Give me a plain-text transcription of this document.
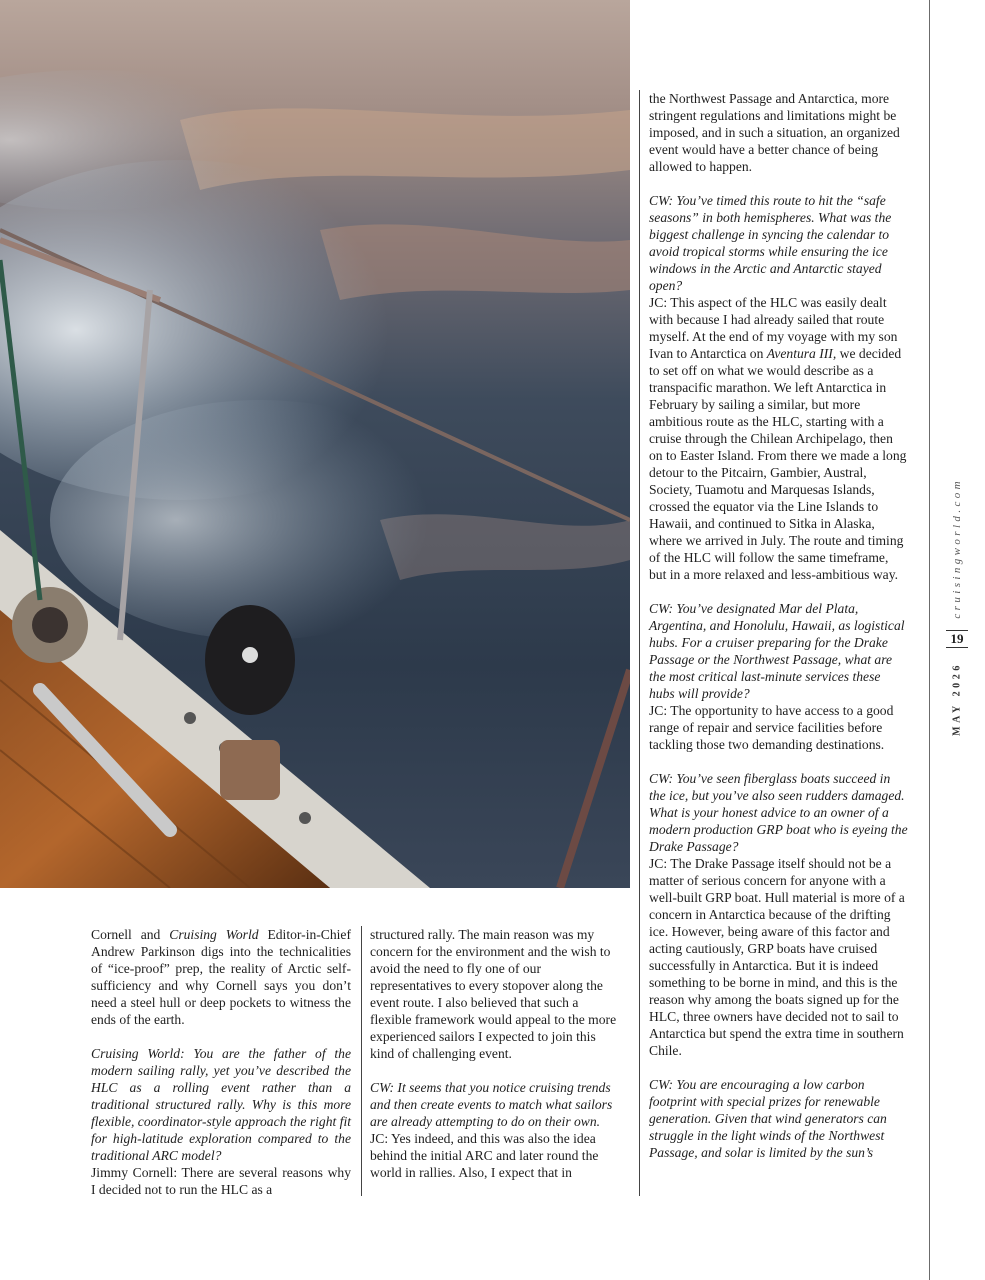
Cornell and Cruising World Editor-in-Chief Andrew Parkinson digs into the technicalities of “ice-proof” prep, the reality of Arctic self-sufficiency and why Cornell says you don’t need a steel hull or deep pockets to witness the ends of the earth.

Cruising World: You are the father of the modern sailing rally, yet you’ve described the HLC as a rolling event rather than a traditional structured rally. Why is this more flexible, coordinator-style approach the right fit for high-latitude exploration compared to the traditional ARC model?
Jimmy Cornell: There are several reasons why I decided not to run the HLC as a

structured rally. The main reason was my concern for the environment and the wish to avoid the need to fly one of our representatives to every stopover along the event route. I also believed that such a flexible framework would appeal to the more experienced sailors I expected to join this kind of challenging event.

CW: It seems that you notice cruising trends and then create events to match what sailors are already attempting to do on their own.
JC: Yes indeed, and this was also the idea behind the initial ARC and later round the world in rallies. Also, I expect that in

the Northwest Passage and Antarctica, more stringent regulations and limitations might be imposed, and in such a situation, an organized event would have a better chance of being allowed to happen.

CW: You’ve timed this route to hit the “safe seasons” in both hemispheres. What was the biggest challenge in syncing the calendar to avoid tropical storms while ensuring the ice windows in the Arctic and Antarctic stayed open?
JC: This aspect of the HLC was easily dealt with because I had already sailed that route myself. At the end of my voyage with my son Ivan to Antarctica on Aventura III, we decided to set off on what we would describe as a transpacific marathon. We left Antarctica in February by sailing a similar, but more ambitious route as the HLC, starting with a cruise through the Chilean Archipelago, then on to Easter Island. From there we made a long detour to the Pitcairn, Gambier, Austral, Society, Tuamotu and Marquesas Islands, crossed the equator via the Line Islands to Hawaii, and continued to Sitka in Alaska, where we arrived in July. The route and timing of the HLC will follow the same timeframe, but in a more relaxed and less-ambitious way.
CW: You’ve designated Mar del Plata, Argentina, and Honolulu, Hawaii, as logistical hubs. For a cruiser preparing for the Drake Passage or the Northwest Passage, what are the most critical last-minute services these hubs will provide?
JC: The opportunity to have access to a good range of repair and service facilities before tackling those two demanding destinations.
CW: You’ve seen fiberglass boats succeed in the ice, but you’ve also seen rudders damaged. What is your honest advice to an owner of a modern production GRP boat who is eyeing the Drake Passage?
JC: The Drake Passage itself should not be a matter of serious concern for anyone with a well-built GRP boat. Hull material is more of a concern in Antarctica because of the drifting ice. However, being aware of this factor and acting cautiously, GRP boats have cruised successfully in Antarctica. But it is indeed something to be borne in mind, and this is the reason why among the boats signed up for the HLC, three owners have decided not to sail to Antarctica but spend the extra time in southern Chile.
CW: You are encouraging a low carbon footprint with special prizes for renewable generation. Given that wind generators can struggle in the light winds of the Northwest Passage, and solar is limited by the sun’s
cruisingworld.com
19
MAY 2026
